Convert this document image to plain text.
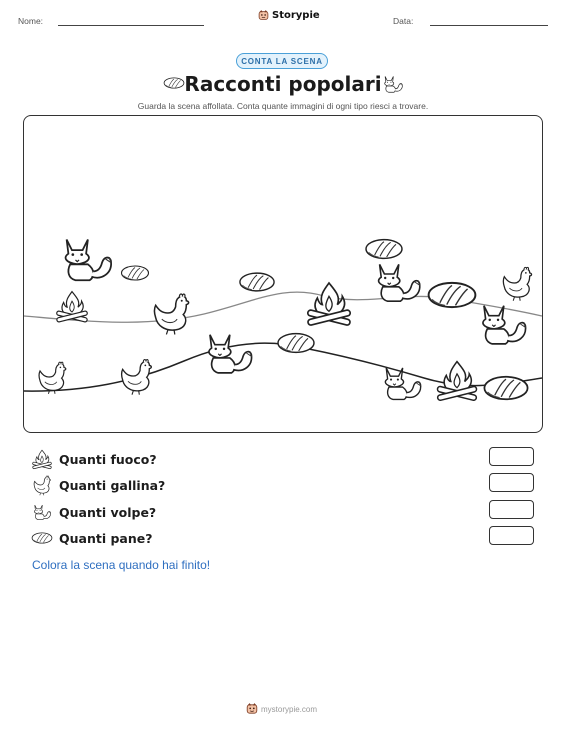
Nome:	Storypie	Data:
CONTA LA SCENA
Racconti popolari
Guarda la scena affollata. Conta quante immagini di ogni tipo riesci a trovare.
Quanti fuoco?
Quanti gallina?
Quanti volpe?
Quanti pane?
Colora la scena quando hai finito!
mystorypie.com
